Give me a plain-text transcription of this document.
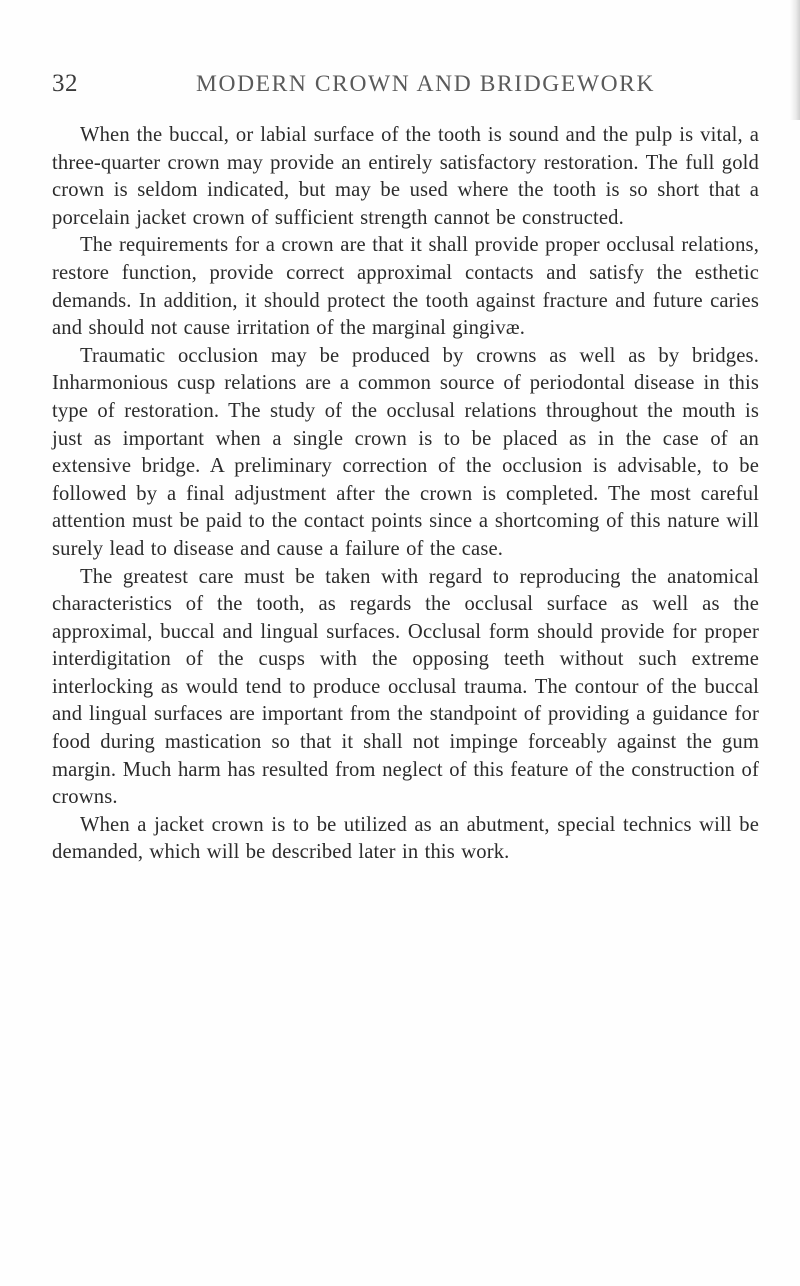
32	MODERN CROWN AND BRIDGEWORK

When the buccal, or labial surface of the tooth is sound and the pulp is vital, a three-quarter crown may provide an entirely satisfactory restoration. The full gold crown is seldom indicated, but may be used where the tooth is so short that a porcelain jacket crown of sufficient strength cannot be constructed.

The requirements for a crown are that it shall provide proper occlusal relations, restore function, provide correct approximal contacts and satisfy the esthetic demands. In addition, it should protect the tooth against fracture and future caries and should not cause irritation of the marginal gingivæ.

Traumatic occlusion may be produced by crowns as well as by bridges. Inharmonious cusp relations are a common source of periodontal disease in this type of restoration. The study of the occlusal relations throughout the mouth is just as important when a single crown is to be placed as in the case of an extensive bridge. A preliminary correction of the occlusion is advisable, to be followed by a final adjustment after the crown is completed. The most careful attention must be paid to the contact points since a shortcoming of this nature will surely lead to disease and cause a failure of the case.

The greatest care must be taken with regard to reproducing the anatomical characteristics of the tooth, as regards the occlusal surface as well as the approximal, buccal and lingual surfaces. Occlusal form should provide for proper interdigitation of the cusps with the opposing teeth without such extreme interlocking as would tend to produce occlusal trauma. The contour of the buccal and lingual surfaces are important from the standpoint of providing a guidance for food during mastication so that it shall not impinge forceably against the gum margin. Much harm has resulted from neglect of this feature of the construction of crowns.

When a jacket crown is to be utilized as an abutment, special technics will be demanded, which will be described later in this work.
